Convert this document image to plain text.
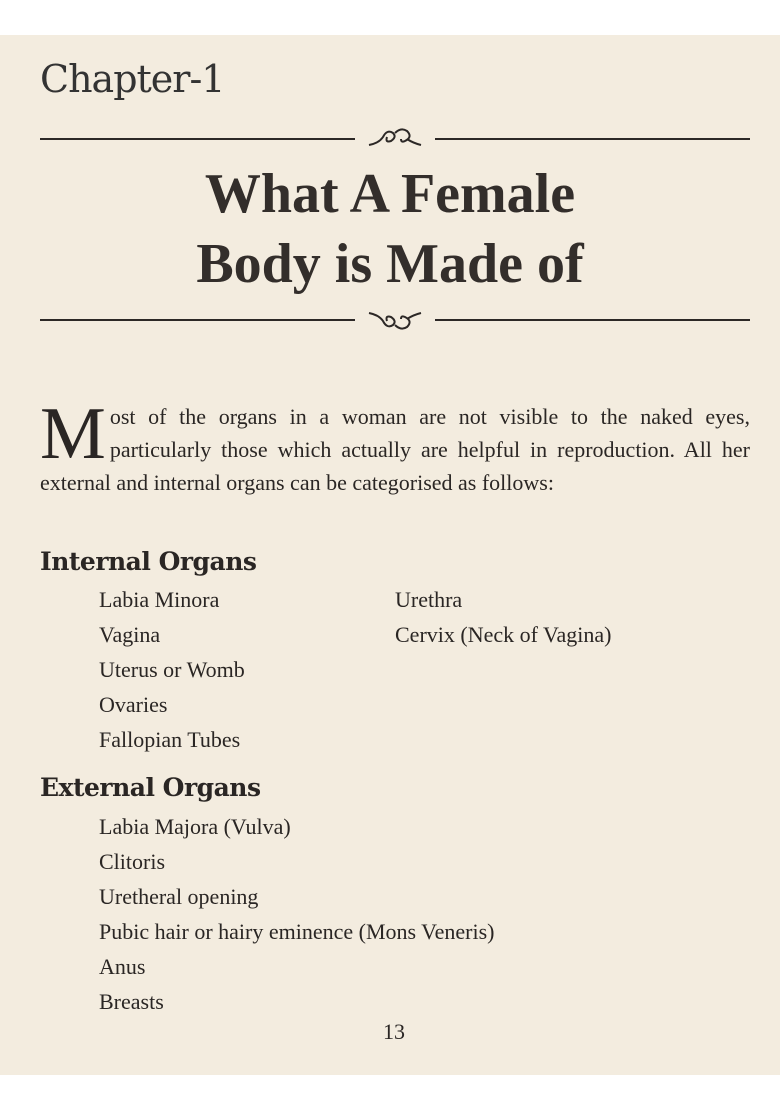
Chapter-1
What A Female
Body is Made of
Most of the organs in a woman are not visible to the naked eyes, particularly those which actually are helpful in reproduction. All her external and internal organs can be categorised as follows:
Internal Organs
Labia Minora
Vagina
Uterus or Womb
Ovaries
Fallopian Tubes
Urethra
Cervix (Neck of Vagina)
External Organs
Labia Majora (Vulva)
Clitoris
Uretheral opening
Pubic hair or hairy eminence (Mons Veneris)
Anus
Breasts
13
